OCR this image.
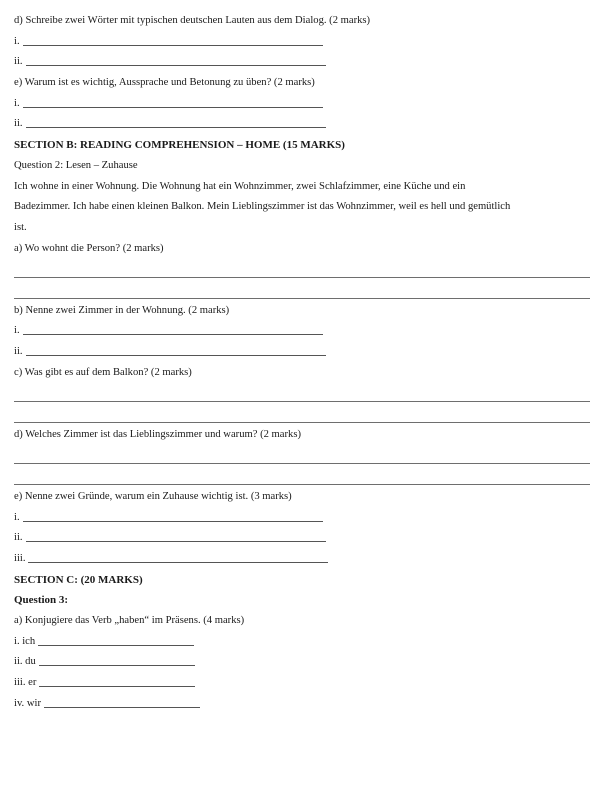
d) Schreibe zwei Wörter mit typischen deutschen Lauten aus dem Dialog. (2 marks)
i.
ii.
e) Warum ist es wichtig, Aussprache und Betonung zu üben? (2 marks)
i.
ii.
SECTION B: READING COMPREHENSION – HOME (15 MARKS)
Question 2: Lesen – Zuhause
Ich wohne in einer Wohnung. Die Wohnung hat ein Wohnzimmer, zwei Schlafzimmer, eine Küche und ein
Badezimmer. Ich habe einen kleinen Balkon. Mein Lieblingszimmer ist das Wohnzimmer, weil es hell und gemütlich
ist.
a) Wo wohnt die Person? (2 marks)
b) Nenne zwei Zimmer in der Wohnung. (2 marks)
i.
ii.
c) Was gibt es auf dem Balkon? (2 marks)
d) Welches Zimmer ist das Lieblingszimmer und warum? (2 marks)
e) Nenne zwei Gründe, warum ein Zuhause wichtig ist. (3 marks)
i.
ii.
iii.
SECTION C: (20 MARKS)
Question 3:
a) Konjugiere das Verb „haben“ im Präsens. (4 marks)
i. ich
ii. du
iii. er
iv. wir
